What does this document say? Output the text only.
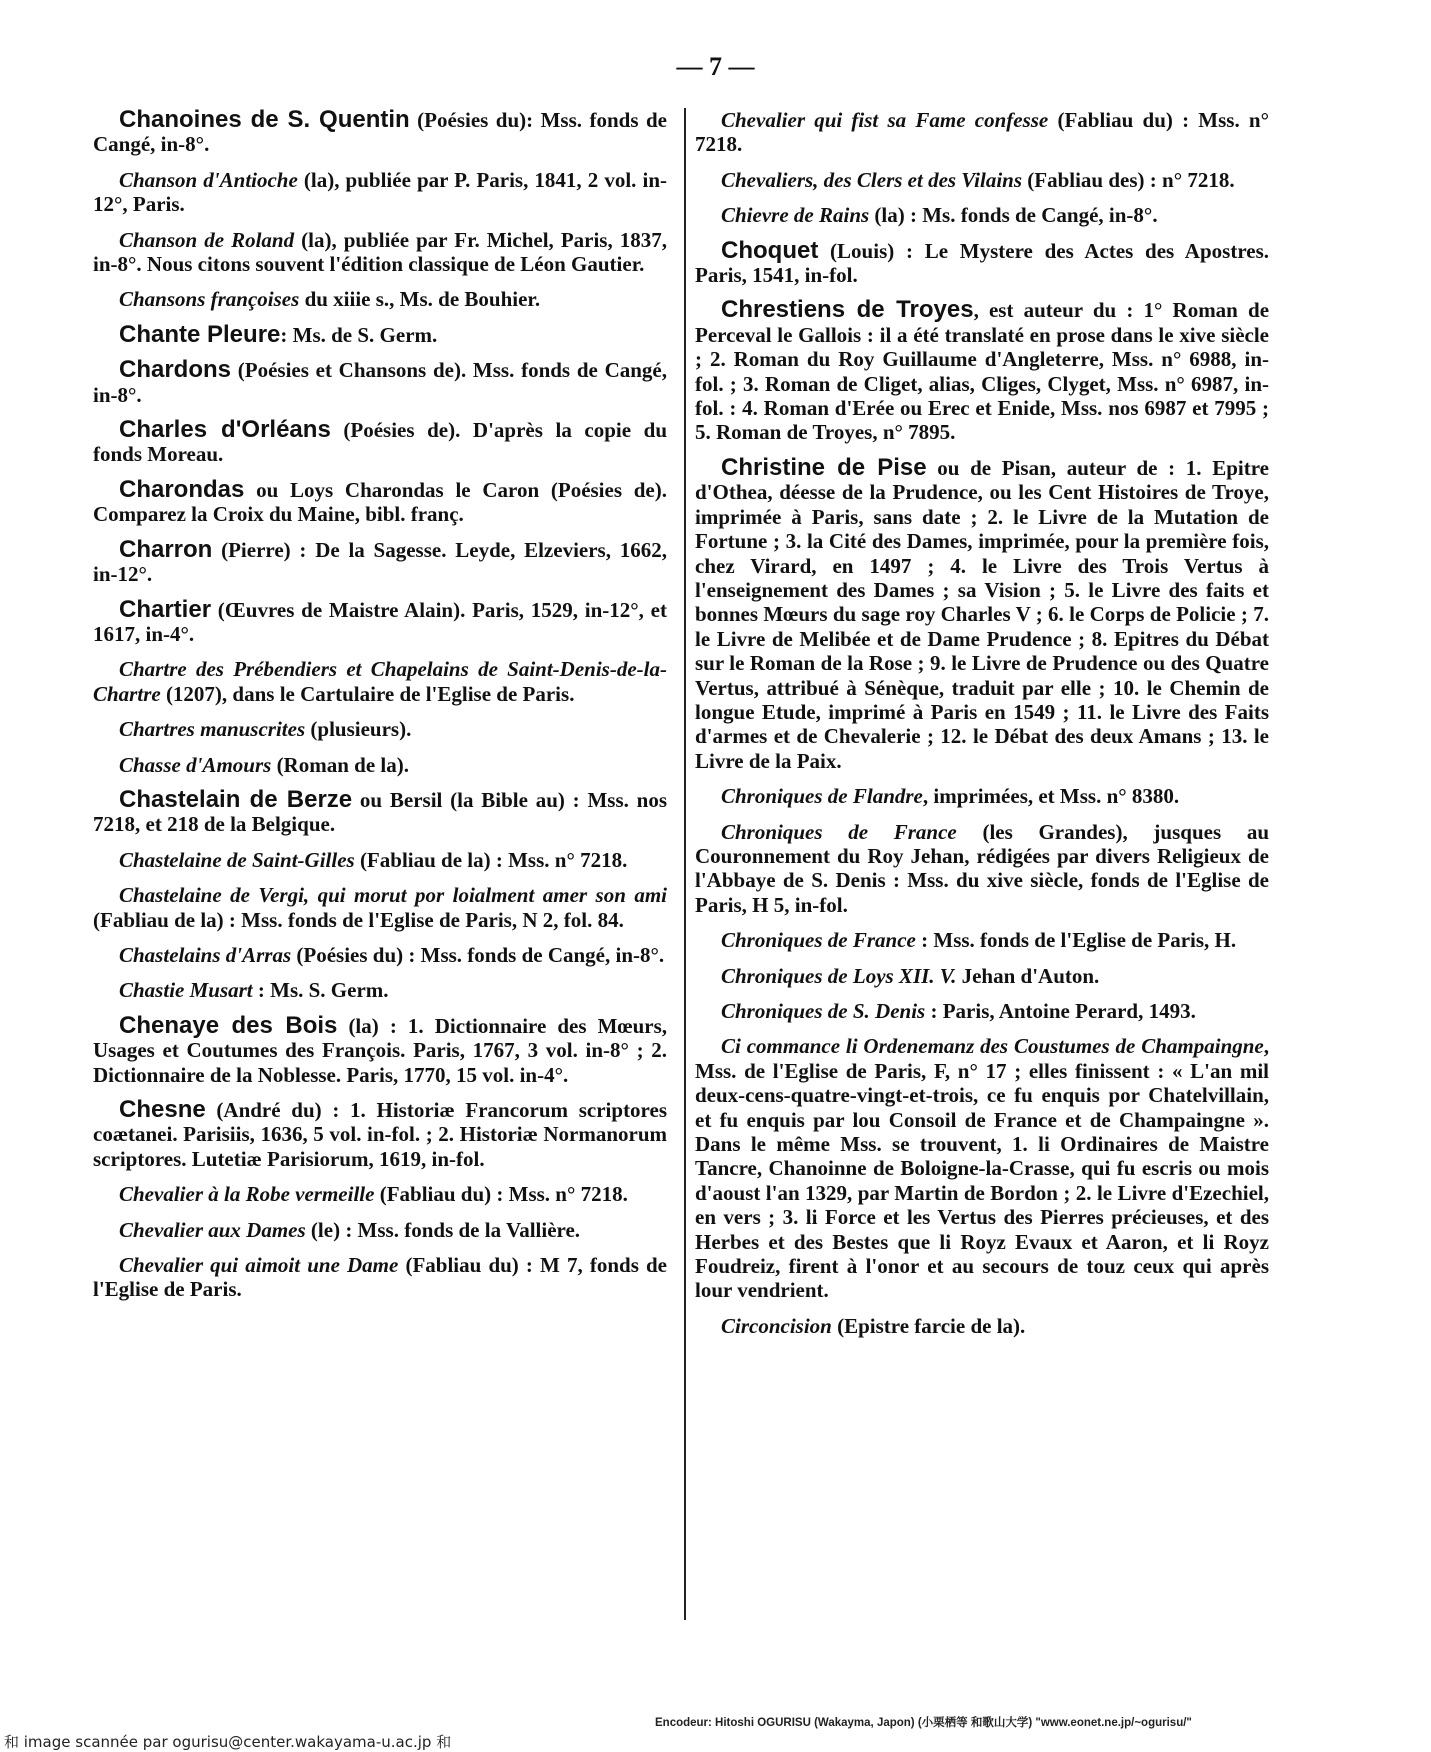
— 7 —

Chanoines de S. Quentin (Poésies du): Mss. fonds de Cangé, in-8°.

Chanson d'Antioche (la), publiée par P. Paris, 1841, 2 vol. in-12°, Paris.

Chanson de Roland (la), publiée par Fr. Michel, Paris, 1837, in-8°. Nous citons souvent l'édition classique de Léon Gautier.

Chansons françoises du xiiie s., Ms. de Bouhier.

Chante Pleure: Ms. de S. Germ.

Chardons (Poésies et Chansons de). Mss. fonds de Cangé, in-8°.

Charles d'Orléans (Poésies de). D'après la copie du fonds Moreau.

Charondas ou Loys Charondas le Caron (Poésies de). Comparez la Croix du Maine, bibl. franç.

Charron (Pierre) : De la Sagesse. Leyde, Elzeviers, 1662, in-12°.

Chartier (Œuvres de Maistre Alain). Paris, 1529, in-12°, et 1617, in-4°.

Chartre des Prébendiers et Chapelains de Saint-Denis-de-la-Chartre (1207), dans le Cartulaire de l'Eglise de Paris.

Chartres manuscrites (plusieurs).

Chasse d'Amours (Roman de la).

Chastelain de Berze ou Bersil (la Bible au) : Mss. nos 7218, et 218 de la Belgique.

Chastelaine de Saint-Gilles (Fabliau de la) : Mss. n° 7218.

Chastelaine de Vergi, qui morut por loialment amer son ami (Fabliau de la) : Mss. fonds de l'Eglise de Paris, N 2, fol. 84.

Chastelains d'Arras (Poésies du) : Mss. fonds de Cangé, in-8°.

Chastie Musart : Ms. S. Germ.

Chenaye des Bois (la) : 1. Dictionnaire des Mœurs, Usages et Coutumes des François. Paris, 1767, 3 vol. in-8° ; 2. Dictionnaire de la Noblesse. Paris, 1770, 15 vol. in-4°.

Chesne (André du) : 1. Historiæ Francorum scriptores coætanei. Parisiis, 1636, 5 vol. in-fol. ; 2. Historiæ Normanorum scriptores. Lutetiæ Parisiorum, 1619, in-fol.

Chevalier à la Robe vermeille (Fabliau du) : Mss. n° 7218.

Chevalier aux Dames (le) : Mss. fonds de la Vallière.

Chevalier qui aimoit une Dame (Fabliau du) : M 7, fonds de l'Eglise de Paris.

Chevalier qui fist sa Fame confesse (Fabliau du) : Mss. n° 7218.

Chevaliers, des Clers et des Vilains (Fabliau des) : n° 7218.

Chievre de Rains (la) : Ms. fonds de Cangé, in-8°.

Choquet (Louis) : Le Mystere des Actes des Apostres. Paris, 1541, in-fol.

Chrestiens de Troyes, est auteur du : 1° Roman de Perceval le Gallois : il a été translaté en prose dans le xive siècle ; 2. Roman du Roy Guillaume d'Angleterre, Mss. n° 6988, in-fol. ; 3. Roman de Cliget, alias, Cliges, Clyget, Mss. n° 6987, in-fol. : 4. Roman d'Erée ou Erec et Enide, Mss. nos 6987 et 7995 ; 5. Roman de Troyes, n° 7895.

Christine de Pise ou de Pisan, auteur de : 1. Epitre d'Othea, déesse de la Prudence, ou les Cent Histoires de Troye, imprimée à Paris, sans date ; 2. le Livre de la Mutation de Fortune ; 3. la Cité des Dames, imprimée, pour la première fois, chez Virard, en 1497 ; 4. le Livre des Trois Vertus à l'enseignement des Dames ; sa Vision ; 5. le Livre des faits et bonnes Mœurs du sage roy Charles V ; 6. le Corps de Policie ; 7. le Livre de Melibée et de Dame Prudence ; 8. Epitres du Débat sur le Roman de la Rose ; 9. le Livre de Prudence ou des Quatre Vertus, attribué à Sénèque, traduit par elle ; 10. le Chemin de longue Etude, imprimé à Paris en 1549 ; 11. le Livre des Faits d'armes et de Chevalerie ; 12. le Débat des deux Amans ; 13. le Livre de la Paix.

Chroniques de Flandre, imprimées, et Mss. n° 8380.

Chroniques de France (les Grandes), jusques au Couronnement du Roy Jehan, rédigées par divers Religieux de l'Abbaye de S. Denis : Mss. du xive siècle, fonds de l'Eglise de Paris, H 5, in-fol.

Chroniques de France : Mss. fonds de l'Eglise de Paris, H.

Chroniques de Loys XII. V. Jehan d'Auton.

Chroniques de S. Denis : Paris, Antoine Perard, 1493.

Ci commance li Ordenemanz des Coustumes de Champaingne, Mss. de l'Eglise de Paris, F, n° 17 ; elles finissent : « L'an mil deux-cens-quatre-vingt-et-trois, ce fu enquis por Chatelvillain, et fu enquis par lou Consoil de France et de Champaingne ». Dans le même Mss. se trouvent, 1. li Ordinaires de Maistre Tancre, Chanoinne de Boloigne-la-Crasse, qui fu escris ou mois d'aoust l'an 1329, par Martin de Bordon ; 2. le Livre d'Ezechiel, en vers ; 3. li Force et les Vertus des Pierres précieuses, et des Herbes et des Bestes que li Royz Evaux et Aaron, et li Royz Foudreiz, firent à l'onor et au secours de touz ceux qui après lour vendrient.

Circoncision (Epistre farcie de la).

Encodeur: Hitoshi OGURISU (Wakayma, Japon) (小栗栖等 和歌山大学) "www.eonet.ne.jp/~ogurisu/"
和 image scannée par ogurisu@center.wakayama-u.ac.jp 和
